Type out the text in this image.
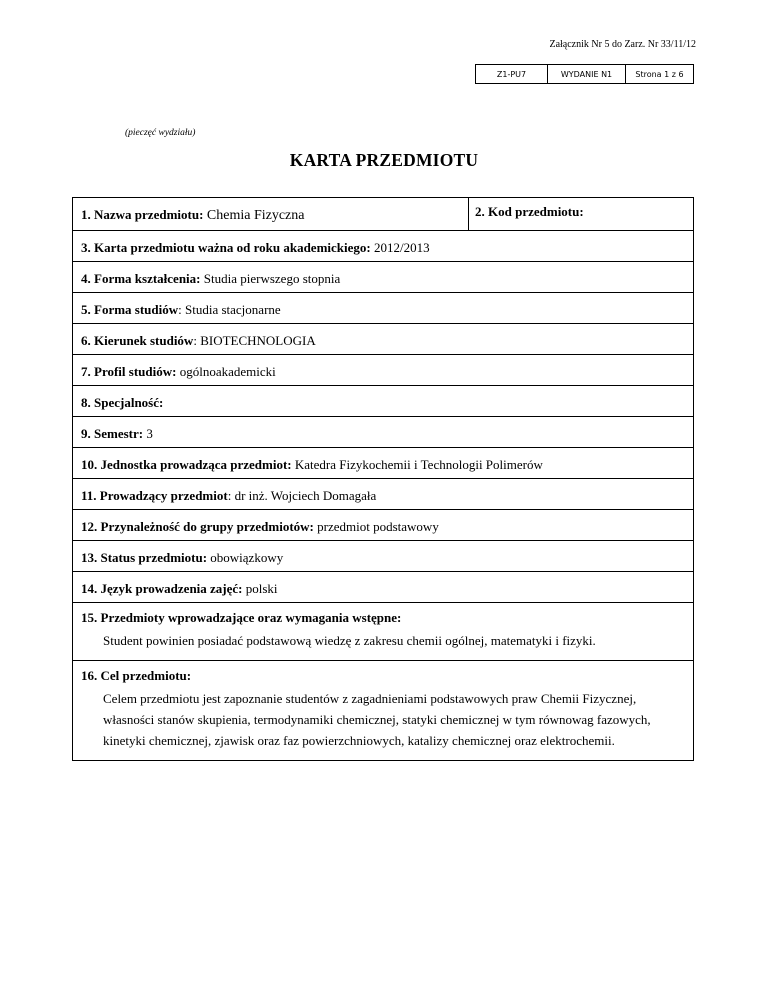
Załącznik Nr 5 do Zarz. Nr 33/11/12
Z1-PU7	WYDANIE N1	Strona 1 z 6
(pieczęć wydziału)
KARTA PRZEDMIOTU
1. Nazwa przedmiotu: Chemia Fizyczna	2. Kod przedmiotu:
3. Karta przedmiotu ważna od roku akademickiego: 2012/2013
4. Forma kształcenia: Studia pierwszego stopnia
5. Forma studiów: Studia stacjonarne
6. Kierunek studiów: BIOTECHNOLOGIA
7. Profil studiów: ogólnoakademicki
8. Specjalność:
9. Semestr: 3
10. Jednostka prowadząca przedmiot: Katedra Fizykochemii i Technologii Polimerów
11. Prowadzący przedmiot: dr inż. Wojciech Domagała
12. Przynależność do grupy przedmiotów: przedmiot podstawowy
13. Status przedmiotu: obowiązkowy
14. Język prowadzenia zajęć: polski
15. Przedmioty wprowadzające oraz wymagania wstępne:

Student powinien posiadać podstawową wiedzę z zakresu chemii ogólnej, matematyki i fizyki.

16. Cel przedmiotu:

Celem przedmiotu jest zapoznanie studentów z zagadnieniami podstawowych praw Chemii Fizycznej, własności stanów skupienia, termodynamiki chemicznej, statyki chemicznej w tym równowag fazowych, kinetyki chemicznej, zjawisk oraz faz powierzchniowych, katalizy chemicznej oraz elektrochemii.
